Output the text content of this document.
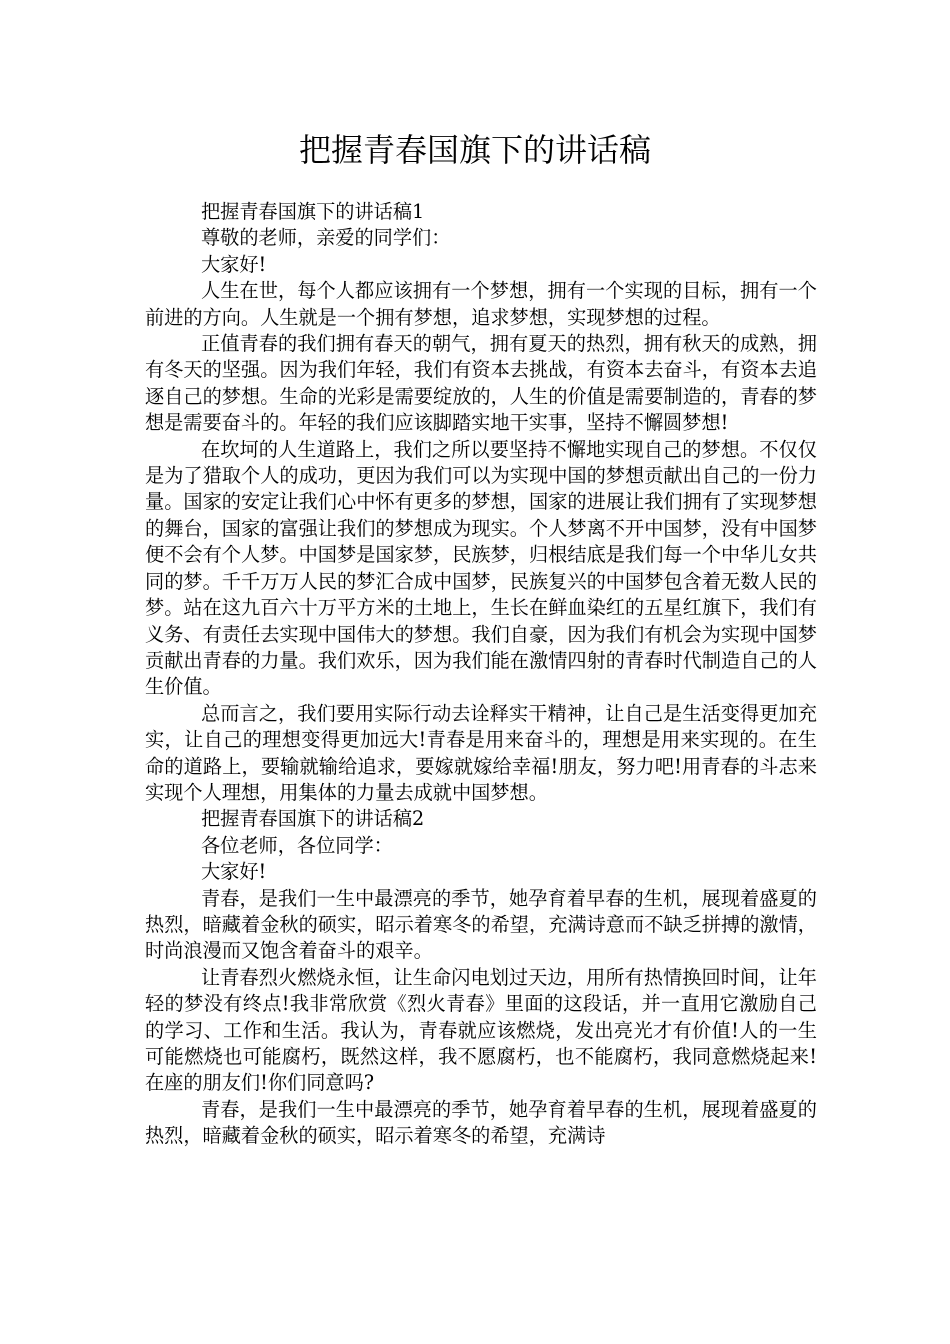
把握青春国旗下的讲话稿

把握青春国旗下的讲话稿1

尊敬的老师，亲爱的同学们：

大家好!

人生在世，每个人都应该拥有一个梦想，拥有一个实现的目标，拥有一个前进的方向。人生就是一个拥有梦想，追求梦想，实现梦想的过程。

正值青春的我们拥有春天的朝气，拥有夏天的热烈，拥有秋天的成熟，拥有冬天的坚强。因为我们年轻，我们有资本去挑战，有资本去奋斗，有资本去追逐自己的梦想。生命的光彩是需要绽放的，人生的价值是需要制造的，青春的梦想是需要奋斗的。年轻的我们应该脚踏实地干实事，坚持不懈圆梦想!

在坎坷的人生道路上，我们之所以要坚持不懈地实现自己的梦想。不仅仅是为了猎取个人的成功，更因为我们可以为实现中国的梦想贡献出自己的一份力量。国家的安定让我们心中怀有更多的梦想，国家的进展让我们拥有了实现梦想的舞台，国家的富强让我们的梦想成为现实。个人梦离不开中国梦，没有中国梦便不会有个人梦。中国梦是国家梦，民族梦，归根结底是我们每一个中华儿女共同的梦。千千万万人民的梦汇合成中国梦，民族复兴的中国梦包含着无数人民的梦。站在这九百六十万平方米的土地上，生长在鲜血染红的五星红旗下，我们有义务、有责任去实现中国伟大的梦想。我们自豪，因为我们有机会为实现中国梦贡献出青春的力量。我们欢乐，因为我们能在激情四射的青春时代制造自己的人生价值。

总而言之，我们要用实际行动去诠释实干精神，让自己是生活变得更加充实，让自己的理想变得更加远大!青春是用来奋斗的，理想是用来实现的。在生命的道路上，要输就输给追求，要嫁就嫁给幸福!朋友，努力吧!用青春的斗志来实现个人理想，用集体的力量去成就中国梦想。

把握青春国旗下的讲话稿2

各位老师，各位同学：

大家好!

青春，是我们一生中最漂亮的季节，她孕育着早春的生机，展现着盛夏的热烈，暗藏着金秋的硕实，昭示着寒冬的希望，充满诗意而不缺乏拼搏的激情，时尚浪漫而又饱含着奋斗的艰辛。

让青春烈火燃烧永恒，让生命闪电划过天边，用所有热情换回时间，让年轻的梦没有终点!我非常欣赏《烈火青春》里面的这段话，并一直用它激励自己的学习、工作和生活。我认为，青春就应该燃烧，发出亮光才有价值!人的一生可能燃烧也可能腐朽，既然这样，我不愿腐朽，也不能腐朽，我同意燃烧起来!在座的朋友们!你们同意吗?

青春，是我们一生中最漂亮的季节，她孕育着早春的生机，展现着盛夏的热烈，暗藏着金秋的硕实，昭示着寒冬的希望，充满诗
